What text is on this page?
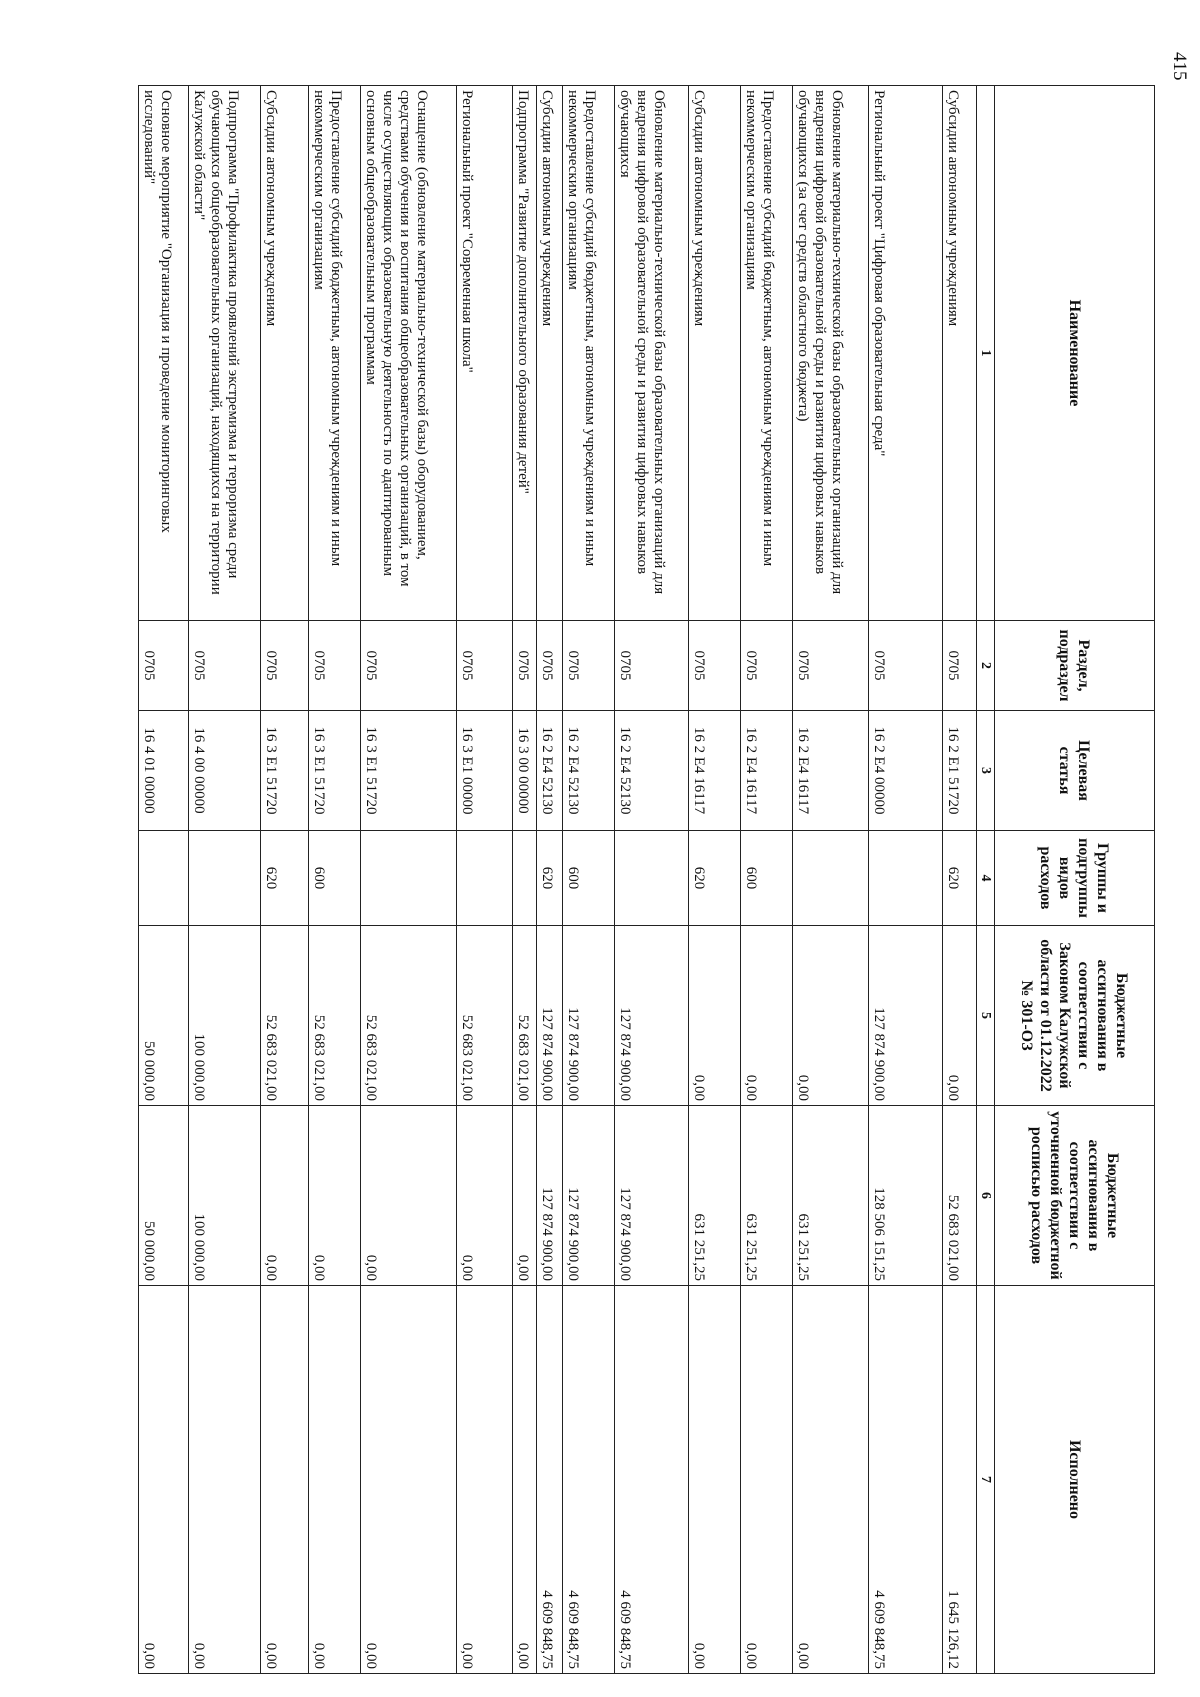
415
Наименование	Раздел, подраздел	Целевая статья	Группы и подгруппы видов расходов	Бюджетные ассигнования в соответствии с Законом Калужской области от 01.12.2022 № 301-ОЗ	Бюджетные ассигнования в соответствии с уточненной бюджетной росписью расходов	Исполнено
1	2	3	4	5	6	7
Субсидии автономным учреждениям	0705	16 2 E1 51720	620	0,00	52 683 021,00	1 645 126,12
Региональный проект "Цифровая образовательная среда"	0705	16 2 E4 00000		127 874 900,00	128 506 151,25	4 609 848,75
Обновление материально-технической базы образовательных организаций для внедрения цифровой образовательной среды и развития цифровых навыков обучающихся (за счет средств областного бюджета)	0705	16 2 E4 16117		0,00	631 251,25	0,00
Предоставление субсидий бюджетным, автономным учреждениям и иным некоммерческим организациям	0705	16 2 E4 16117	600	0,00	631 251,25	0,00
Субсидии автономным учреждениям	0705	16 2 E4 16117	620	0,00	631 251,25	0,00
Обновление материально-технической базы образовательных организаций для внедрения цифровой образовательной среды и развития цифровых навыков обучающихся	0705	16 2 E4 52130		127 874 900,00	127 874 900,00	4 609 848,75
Предоставление субсидий бюджетным, автономным учреждениям и иным некоммерческим организациям	0705	16 2 E4 52130	600	127 874 900,00	127 874 900,00	4 609 848,75
Субсидии автономным учреждениям	0705	16 2 E4 52130	620	127 874 900,00	127 874 900,00	4 609 848,75
Подпрограмма "Развитие дополнительного образования детей"	0705	16 3 00 00000		52 683 021,00	0,00	0,00
Региональный проект "Современная школа"	0705	16 3 E1 00000		52 683 021,00	0,00	0,00
Оснащение (обновление материально-технической базы) оборудованием, средствами обучения и воспитания общеобразовательных организаций, в том числе осуществляющих образовательную деятельность по адаптированным основным общеобразовательным программам	0705	16 3 E1 51720		52 683 021,00	0,00	0,00
Предоставление субсидий бюджетным, автономным учреждениям и иным некоммерческим организациям	0705	16 3 E1 51720	600	52 683 021,00	0,00	0,00
Субсидии автономным учреждениям	0705	16 3 E1 51720	620	52 683 021,00	0,00	0,00
Подпрограмма "Профилактика проявлений экстремизма и терроризма среди обучающихся общеобразовательных организаций, находящихся на территории Калужской области"	0705	16 4 00 00000		100 000,00	100 000,00	0,00
Основное мероприятие "Организация и проведение мониторинговых исследований"	0705	16 4 01 00000		50 000,00	50 000,00	0,00
